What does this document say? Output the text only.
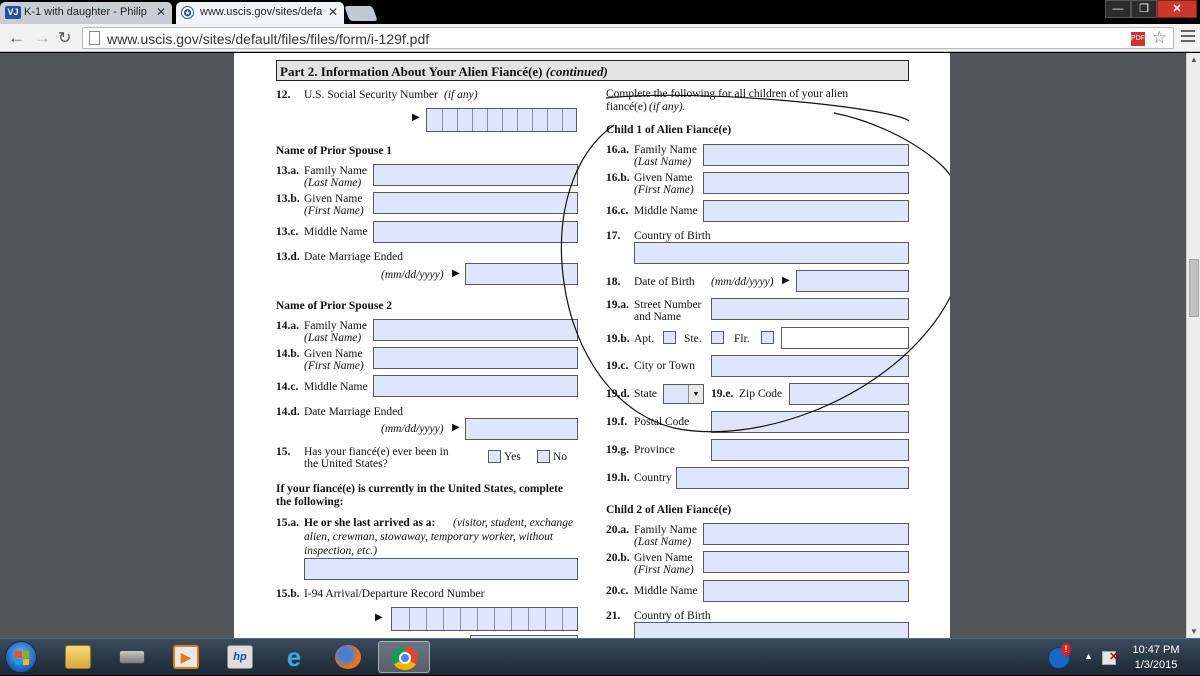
VJ K-1 with daughter - Philip ✕	✪ www.uscis.gov/sites/defa ✕	—	❐	✕
← → ↻	www.uscis.gov/sites/default/files/files/form/i-129f.pdf	PDF ☆
Part 2. Information About Your Alien Fiancé(e) (continued)
12. U.S. Social Security Number (if any)
▶
Name of Prior Spouse 1
13.a. Family Name
(Last Name)
13.b. Given Name
(First Name)
13.c. Middle Name
13.d. Date Marriage Ended
(mm/dd/yyyy) ▶
Name of Prior Spouse 2
14.a. Family Name
(Last Name)
14.b. Given Name
(First Name)
14.c. Middle Name
14.d. Date Marriage Ended
(mm/dd/yyyy) ▶
15. Has your fiancé(e) ever been in
the United States?
Yes	No
If your fiancé(e) is currently in the United States, complete
the following:
15.a. He or she last arrived as a: (visitor, student, exchange
alien, crewman, stowaway, temporary worker, without
inspection, etc.)
15.b. I-94 Arrival/Departure Record Number
▶
Complete the following for all children of your alien
fiancé(e) (if any).
Child 1 of Alien Fiancé(e)
16.a. Family Name
(Last Name)
16.b. Given Name
(First Name)
16.c. Middle Name
17. Country of Birth
18. Date of Birth (mm/dd/yyyy) ▶
19.a. Street Number
and Name
19.b. Apt.	Ste.	Flr.
19.c. City or Town
19.d. State	▼	19.e. Zip Code
19.f. Postal Code
19.g. Province
19.h. Country
Child 2 of Alien Fiancé(e)
20.a. Family Name
(Last Name)
20.b. Given Name
(First Name)
20.c. Middle Name
21. Country of Birth
▲
▼
▶	hp e	!
▲ ✕
10:47 PM
1/3/2015
